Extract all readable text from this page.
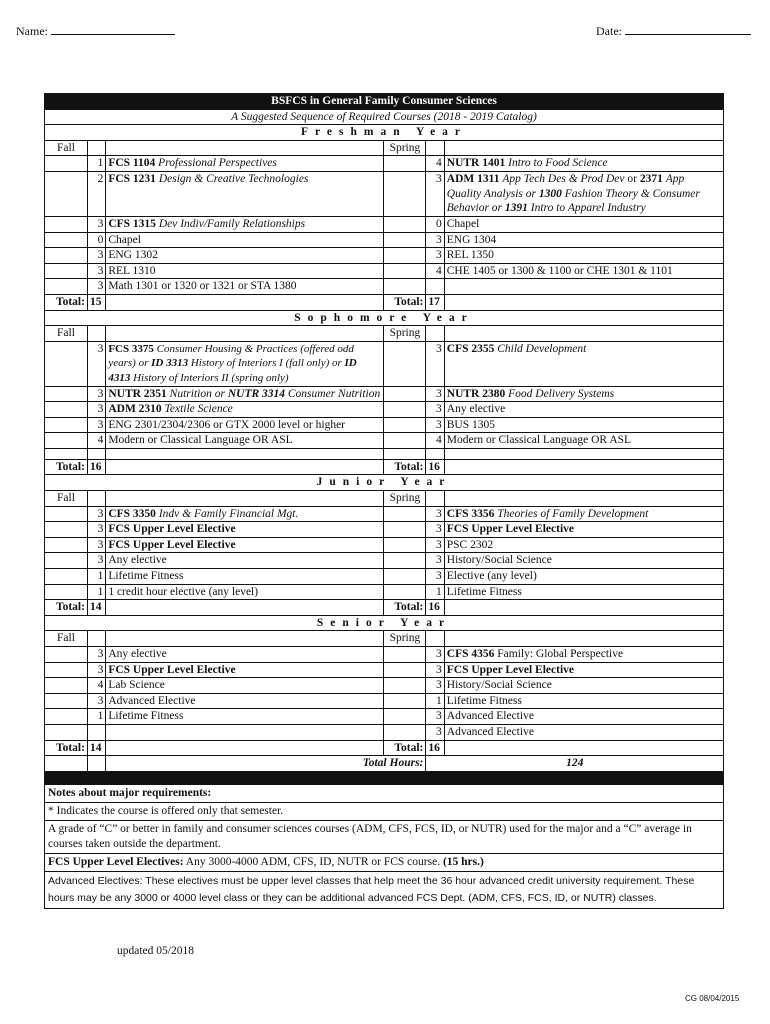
Name:	Date:
BSFCS in General Family Consumer Sciences					
A Suggested Sequence of Required Courses (2018 - 2019 Catalog)					
Freshman Year					
Fall			Spring		
	1	FCS 1104 Professional Perspectives		4	NUTR 1401 Intro to Food Science
	2	FCS 1231 Design & Creative Technologies		3	ADM 1311 App Tech Des & Prod Dev or 2371 App Quality Analysis or 1300 Fashion Theory & Consumer Behavior or 1391 Intro to Apparel Industry
	3	CFS 1315 Dev Indiv/Family Relationships		0	Chapel
	0	Chapel		3	ENG 1304
	3	ENG 1302		3	REL 1350
	3	REL 1310		4	CHE 1405 or 1300 & 1100 or CHE 1301 & 1101
	3	Math 1301 or 1320 or 1321 or STA 1380			
Total:	15		Total:	17	
Sophomore Year					
Fall			Spring		
	3	FCS 3375 Consumer Housing & Practices (offered odd years) or ID 3313 History of Interiors I (fall only) or ID 4313 History of Interiors II (spring only)		3	CFS 2355 Child Development
	3	NUTR 2351 Nutrition or NUTR 3314 Consumer Nutrition		3	NUTR 2380 Food Delivery Systems
	3	ADM 2310 Textile Science		3	Any elective
	3	ENG 2301/2304/2306 or GTX 2000 level or higher		3	BUS 1305
	4	Modern or Classical Language OR ASL		4	Modern or Classical Language OR ASL

Total:	16		Total:	16	
Junior Year					
Fall			Spring		
	3	CFS 3350 Indv & Family Financial Mgt.		3	CFS 3356 Theories of Family Development
	3	FCS Upper Level Elective		3	FCS Upper Level Elective
	3	FCS Upper Level Elective		3	PSC 2302
	3	Any elective		3	History/Social Science
	1	Lifetime Fitness		3	Elective (any level)
	1	1 credit hour elective (any level)		1	Lifetime Fitness
Total:	14		Total:	16	
Senior Year					
Fall			Spring		
	3	Any elective		3	CFS 4356 Family: Global Perspective
	3	FCS Upper Level Elective		3	FCS Upper Level Elective
	4	Lab Science		3	History/Social Science
	3	Advanced Elective		1	Lifetime Fitness
	1	Lifetime Fitness		3	Advanced Elective
				3	Advanced Elective
Total:	14		Total:	16	
		Total Hours:		124	

Notes about major requirements:					
* Indicates the course is offered only that semester.					
A grade of “C” or better in family and consumer sciences courses (ADM, CFS, FCS, ID, or NUTR) used for the major and a “C” average in courses taken outside the department.					
FCS Upper Level Electives: Any 3000-4000 ADM, CFS, ID, NUTR or FCS course. (15 hrs.)					
Advanced Electives: These electives must be upper level classes that help meet the 36 hour advanced credit university requirement. These hours may be any 3000 or 4000 level class or they can be additional advanced FCS Dept. (ADM, CFS, FCS, ID, or NUTR) classes.					
updated 05/2018
CG 08/04/2015
